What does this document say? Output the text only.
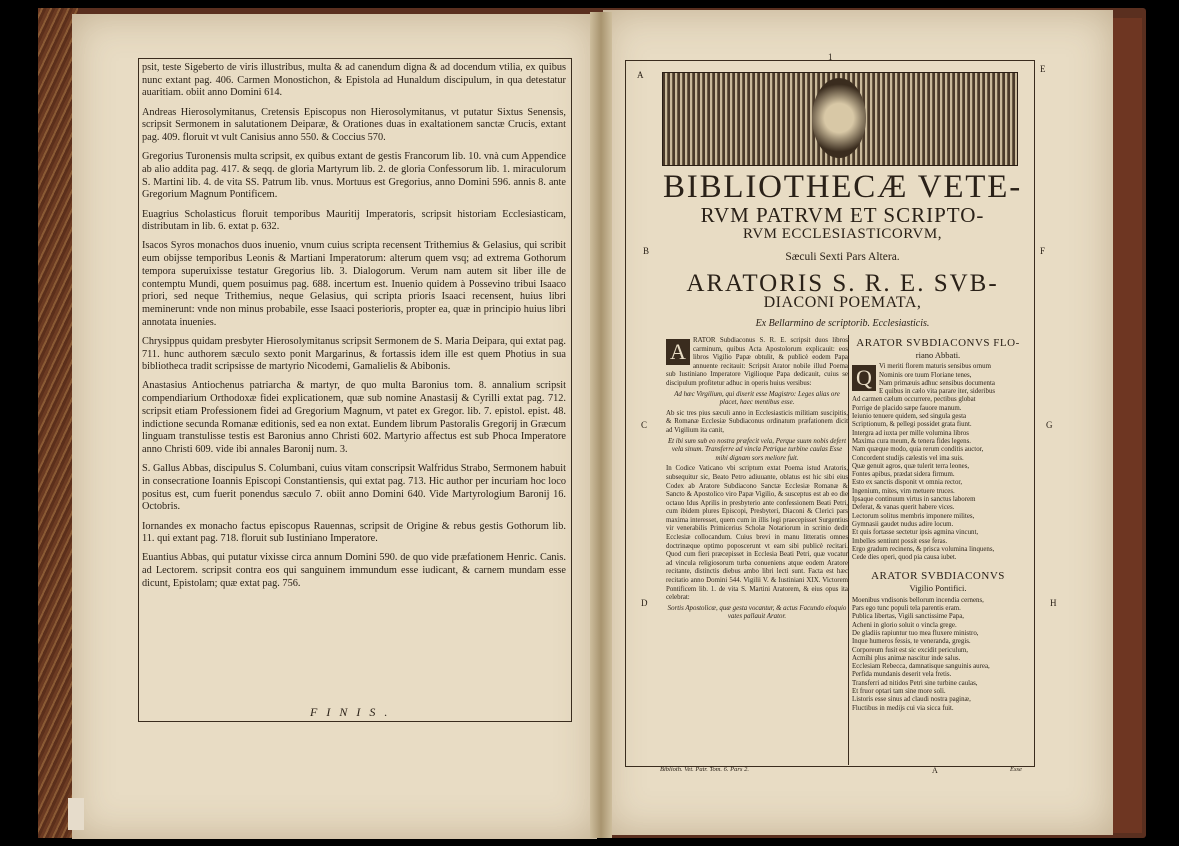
psit, teste Sigeberto de viris illustribus, multa & ad canendum digna & ad docendum vtilia, ex quibus nunc extant pag. 406. Carmen Monostichon, & Epistola ad Hunaldum discipulum, in qua detestatur auaritiam. obiit anno Domini 614.

Andreas Hierosolymitanus, Cretensis Episcopus non Hierosolymitanus, vt putatur Sixtus Senensis, scripsit Sermonem in salutationem Deiparæ, & Orationes duas in exaltationem sanctæ Crucis, extant pag. 409. floruit vt vult Canisius anno 550. & Coccius 570.

Gregorius Turonensis multa scripsit, ex quibus extant de gestis Francorum lib. 10. vnà cum Appendice ab alio addita pag. 417. & seqq. de gloria Martyrum lib. 2. de gloria Confessorum lib. 1. miraculorum S. Martini lib. 4. de vita SS. Patrum lib. vnus. Mortuus est Gregorius, anno Domini 596. annis 8. ante Gregorium Magnum Pontificem.

Euagrius Scholasticus floruit temporibus Mauritij Imperatoris, scripsit historiam Ecclesiasticam, distributam in lib. 6. extat p. 632.

Isacos Syros monachos duos inuenio, vnum cuius scripta recensent Trithemius & Gelasius, qui scribit eum obijsse temporibus Leonis & Martiani Imperatorum: alterum quem vsq; ad extrema Gothorum tempora superuixisse testatur Gregorius lib. 3. Dialogorum. Verum nam autem sit liber ille de contemptu Mundi, quem posuimus pag. 688. incertum est. Inuenio quidem à Possevino tribui Isaaco priori, sed neque Trithemius, neque Gelasius, qui scripta prioris Isaaci recensent, huius libri meminerunt: vnde non minus probabile, esse Isaaci posterioris, propter ea, quæ in principio huius libri annotata inuenies.

Chrysippus quidam presbyter Hierosolymitanus scripsit Sermonem de S. Maria Deipara, qui extat pag. 711. hunc authorem sæculo sexto ponit Margarinus, & fortassis idem ille est quem Photius in sua bibliotheca tradit scripsisse de martyrio Nicodemi, Gamalielis & Abibonis.

Anastasius Antiochenus patriarcha & martyr, de quo multa Baronius tom. 8. annalium scripsit compendiarium Orthodoxæ fidei explicationem, quæ sub nomine Anastasij & Cyrilli extat pag. 712. scripsit etiam Professionem fidei ad Gregorium Magnum, vt patet ex Gregor. lib. 7. epistol. epist. 48. indictione secunda Romanæ editionis, sed ea non extat. Eundem librum Pastoralis Gregorij in Græcum linguam transtulisse testis est Baronius anno Christi 602. Martyrio affectus est sub Phoca Imperatore anno Christi 609. vide ibi annales Baronij num. 3.

S. Gallus Abbas, discipulus S. Columbani, cuius vitam conscripsit Walfridus Strabo, Sermonem habuit in consecratione Ioannis Episcopi Constantiensis, qui extat pag. 713. Hic author per incuriam hoc loco positus est, cum fuerit ponendus sæculo 7. obiit anno Domini 640. Vide Martyrologium Baronij 16. Octobris.

Iornandes ex monacho factus episcopus Rauennas, scripsit de Origine & rebus gestis Gothorum lib. 11. qui extant pag. 718. floruit sub Iustiniano Imperatore.

Euantius Abbas, qui putatur vixisse circa annum Domini 590. de quo vide præfationem Henric. Canis. ad Lectorem. scripsit contra eos qui sanguinem immundum esse iudicant, & carnem mundam esse dicunt, Epistolam; quæ extat pag. 756.

FINIS.
1
A
E
B	F
C	G
D	H
BIBLIOTHECÆ VETE-
RVM PATRVM ET SCRIPTO-
RVM ECCLESIASTICORVM,
Sæculi Sexti Pars Altera.
ARATORIS S. R. E. SVB-
DIACONI POEMATA,
Ex Bellarmino de scriptorib. Ecclesiasticis.
A	RATOR Subdiaconus S. R. E. scripsit duos libros carminum, quibus Acta Apostolorum explicauit: eos libros Vigilio Papæ obtulit, & publicè eodem Papa annuente recitauit: Scripsit Arator nobile illud Poema sub Iustiniano Imperatore Vigilioque Papa dedicauit, cuius se discipulum profitetur adhuc in operis huius versibus:

Ad hæc Virgilium, qui dixerit esse Magistro: Leges alias ore placet, haec mentibus esse.

Ab sic tres pius sæculi anno in Ecclesiasticis militiam suscipitis, & Romanæ Ecclesiæ Subdiaconus ordinatum præfationem dicit ad Vigilium ita canit,

Et ibi sum sub eo nostra præfecit vela, Perque suum nobis defert vela sinum. Transferre ad vincla Petrique turbine caulas Esse mihi dignam sors meliore fuit.

In Codice Vaticano vbi scriptum extat Poema istud Aratoris, subsequitur sic, Beato Petro adiuuante, oblatus est hic sibi eius Codex ab Aratore Subdiacono Sanctæ Ecclesiæ Romanæ & Sancto & Apostolico viro Papæ Vigilio, & susceptus est ab eo die octauo Idus Aprilis in presbyterio ante confessionem Beati Petri, cum ibidem plures Episcopi, Presbyteri, Diaconi & Clerici pars maxima interesset, quem cum in illis legi praecepisset Surgentius vir venerabilis Primicerius Scholæ Notariorum in scrinio dedit Ecclesiæ collocandum. Cuius brevi in manu litteratis omnes doctrinæque optimo poposcerunt vt eam sibi publicè recitari. Quod cum fieri præcepisset in Ecclesia Beati Petri, quæ vocatur ad vincula religiosorum turba conueniens atque eodem Aratore recitante, distinctis diebus ambo libri lecti sunt. Facta est hæc recitatio anno Domini 544. Vigilii V. & Iustiniani XIX. Victorem Pontificem lib. 1. de vita S. Martini Aratorem, & eius opus ita celebrat:

Sortis Apostolicæ, quæ gesta vocantur, & actus Facundo eloquio vates pallauit Arator.

ARATOR SVBDIACONVS FLO-

riano Abbati.

Q	Vi meriti florem maturis sensibus ornum

Nominis ore tuum Floriane tenes,

Nam primæuis adhuc sensibus documenta

E quibus in cælo vita parare iter, sideribus

Ad carmen cælum occurrere, pectibus globat

Porrige de placido sæpe fauore manum.

Ieiunio tenuere quidem, sed singula gesta

Scriptionum, & pellegi possidet grata fiunt.

Intergra ad iuxta per mille volumina libros

Maxima cura meum, & tenera fides legens.

Nam quæque modo, quia rerum conditis auctor,

Concordent studijs cælestis vel ima suis.

Quæ genuit agros, quæ tulerit terra leones,

Fontes apibus, prædat sidera firmum.

Esto ex sanctis disponit vt omnia rector,

Ingenium, mites, vim metuere truces.

Ipsaque continuum virtus in sanctus laborem

Deferat, & vanas querit habere vices.

Lectorum solitus membris imponere milites,

Gymnasii gaudet nudus adire locum.

Et quis fortasse sectetur ipsis agmina vincunt,

Imbelles sentiunt possit esse feras.

Ergo gradum recinens, & prisca volumina linquens,

Cede dies operi, quod pia causa iubet.

ARATOR SVBDIACONVS

Vigilio Pontifici.

Moenibus vndisonis bellorum incendia cernens,

Pars ego tunc populi tela parentis eram.

Publica libertas, Vigili sanctissime Papa,

Acheni in glorio soluit o vincla grege.

De gladiis rapiuntur tuo mea fluxere ministro,

Inque humeros fessis, te veneranda, gregis.

Corporeum fusit est sic excidit periculum,

Acmihi plus animæ nascitur inde salus.

Ecclesiam Rebecca, damnatisque sanguinis aurea,

Perfida mundanis deserit vela fretis.

Transferri ad nitidos Petri sine turbine caulas,

Et fruor optari tam sine more soli.

Listoris esse sinus ad claudi nostra paginæ,

Fluctibus in medijs cui via sicca fuit.

Biblioth. Vet. Patr. Tom. 6. Pars 2.	A	Esse
